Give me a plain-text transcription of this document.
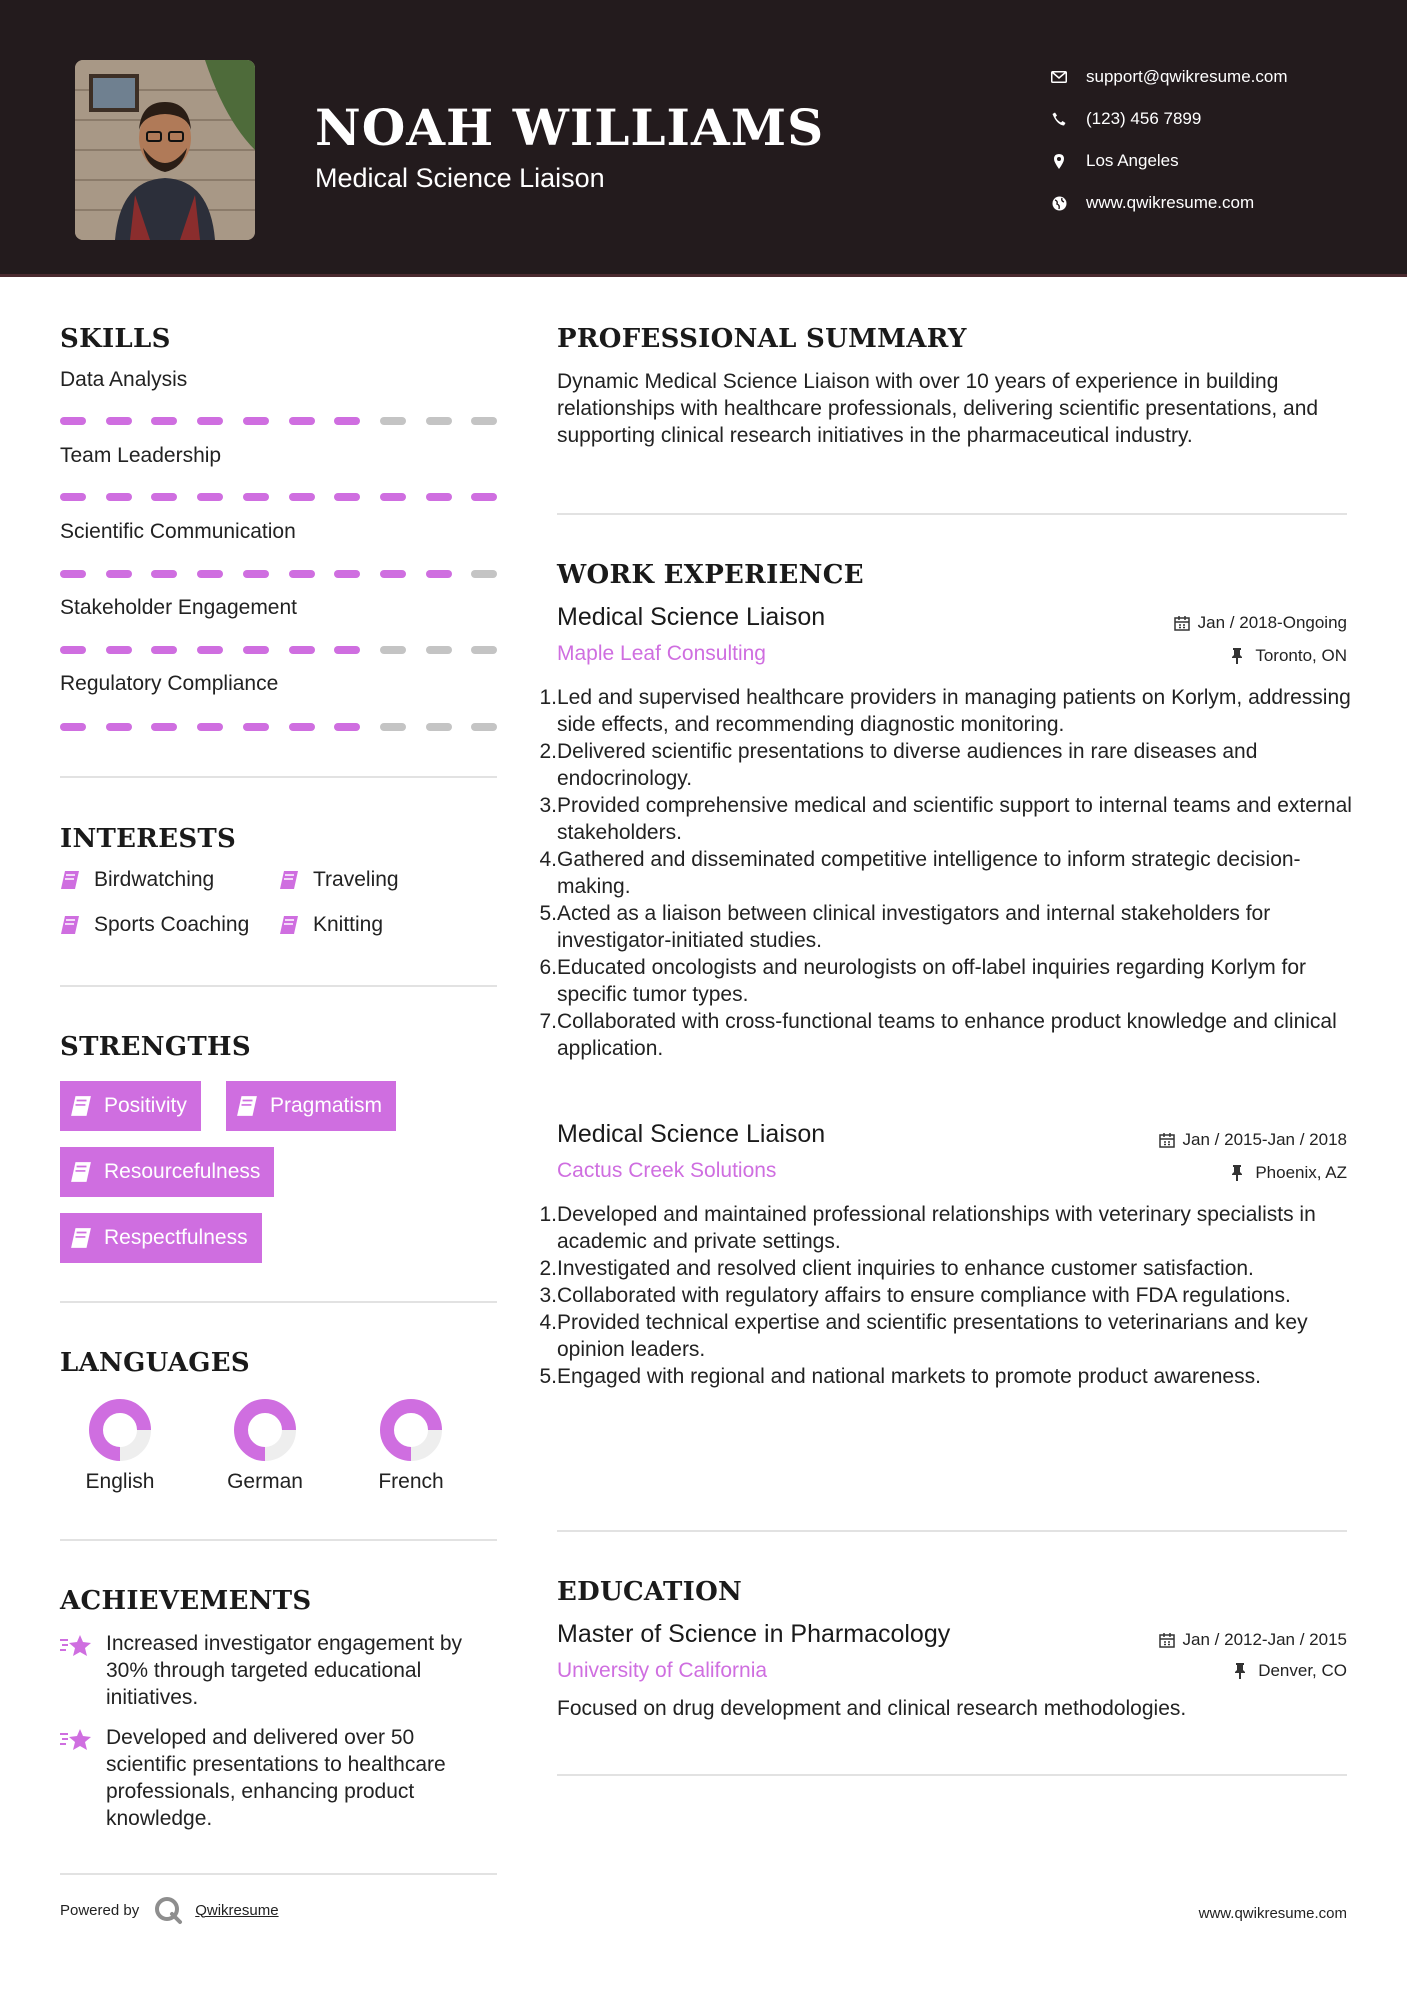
NOAH WILLIAMS
Medical Science Liaison
support@qwikresume.com
(123) 456 7899
Los Angeles
www.qwikresume.com
SKILLS
Data Analysis
Team Leadership
Scientific Communication
Stakeholder Engagement
Regulatory Compliance
INTERESTS
Birdwatching	Traveling
Sports Coaching	Knitting
STRENGTHS
Positivity	Pragmatism
Resourcefulness
Respectfulness
LANGUAGES
English	German	French
ACHIEVEMENTS
Increased investigator engagement by 30% through targeted educational initiatives.
Developed and delivered over 50 scientific presentations to healthcare professionals, enhancing product knowledge.
PROFESSIONAL SUMMARY
Dynamic Medical Science Liaison with over 10 years of experience in building relationships with healthcare professionals, delivering scientific presentations, and supporting clinical research initiatives in the pharmaceutical industry.
WORK EXPERIENCE
Medical Science Liaison	Jan / 2018-Ongoing
Maple Leaf Consulting	Toronto, ON
1. Led and supervised healthcare providers in managing patients on Korlym, addressing side effects, and recommending diagnostic monitoring.
2. Delivered scientific presentations to diverse audiences in rare diseases and endocrinology.
3. Provided comprehensive medical and scientific support to internal teams and external stakeholders.
4. Gathered and disseminated competitive intelligence to inform strategic decision-making.
5. Acted as a liaison between clinical investigators and internal stakeholders for investigator-initiated studies.
6. Educated oncologists and neurologists on off-label inquiries regarding Korlym for specific tumor types.
7. Collaborated with cross-functional teams to enhance product knowledge and clinical application.
Medical Science Liaison	Jan / 2015-Jan / 2018
Cactus Creek Solutions	Phoenix, AZ
1. Developed and maintained professional relationships with veterinary specialists in academic and private settings.
2. Investigated and resolved client inquiries to enhance customer satisfaction.
3. Collaborated with regulatory affairs to ensure compliance with FDA regulations.
4. Provided technical expertise and scientific presentations to veterinarians and key opinion leaders.
5. Engaged with regional and national markets to promote product awareness.
EDUCATION
Master of Science in Pharmacology	Jan / 2012-Jan / 2015
University of California	Denver, CO
Focused on drug development and clinical research methodologies.
Powered by	Qwikresume	www.qwikresume.com
